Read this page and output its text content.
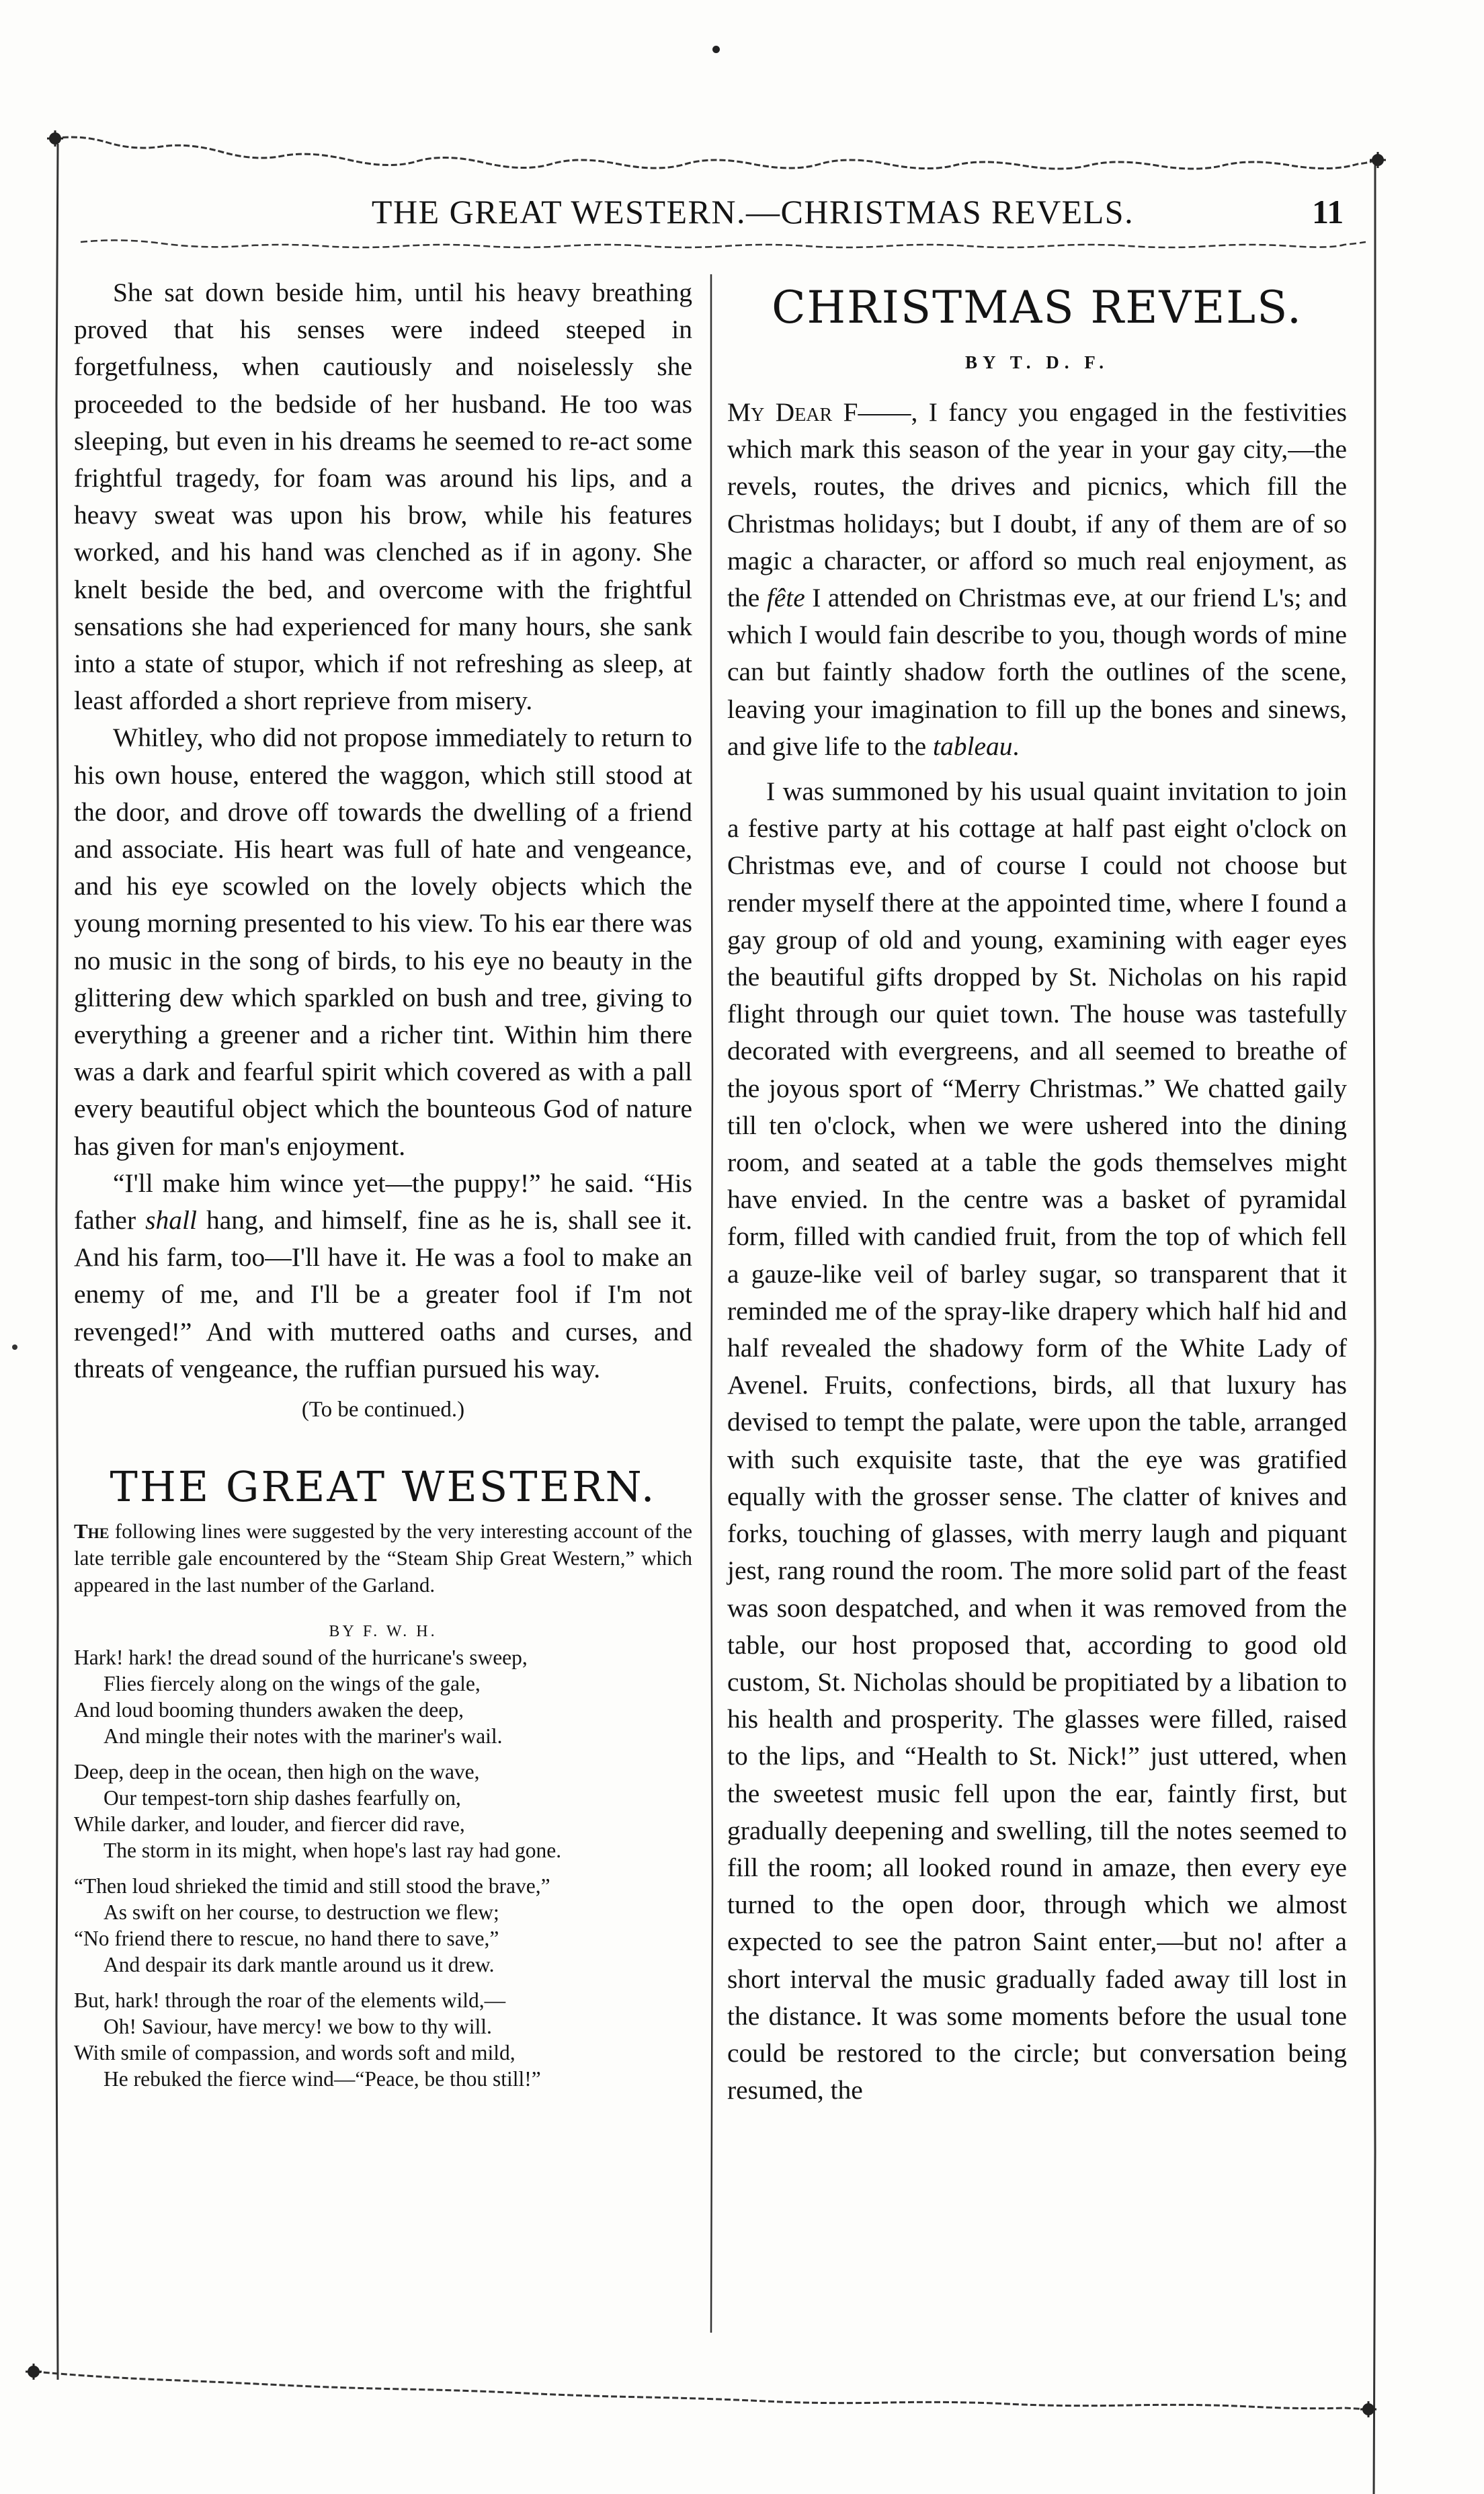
THE GREAT WESTERN.—CHRISTMAS REVELS.	11

She sat down beside him, until his heavy breathing proved that his senses were indeed steeped in forgetfulness, when cautiously and noiselessly she proceeded to the bedside of her husband. He too was sleeping, but even in his dreams he seemed to re-act some frightful tragedy, for foam was around his lips, and a heavy sweat was upon his brow, while his features worked, and his hand was clenched as if in agony. She knelt beside the bed, and overcome with the frightful sensations she had experienced for many hours, she sank into a state of stupor, which if not refreshing as sleep, at least afforded a short reprieve from misery.

Whitley, who did not propose immediately to return to his own house, entered the waggon, which still stood at the door, and drove off towards the dwelling of a friend and associate. His heart was full of hate and vengeance, and his eye scowled on the lovely objects which the young morning presented to his view. To his ear there was no music in the song of birds, to his eye no beauty in the glittering dew which sparkled on bush and tree, giving to everything a greener and a richer tint. Within him there was a dark and fearful spirit which covered as with a pall every beautiful object which the bounteous God of nature has given for man's enjoyment.

“I'll make him wince yet—the puppy!” he said. “His father shall hang, and himself, fine as he is, shall see it. And his farm, too—I'll have it. He was a fool to make an enemy of me, and I'll be a greater fool if I'm not revenged!” And with muttered oaths and curses, and threats of vengeance, the ruffian pursued his way.

(To be continued.)

THE GREAT WESTERN.

The following lines were suggested by the very interesting account of the late terrible gale encountered by the “Steam Ship Great Western,” which appeared in the last number of the Garland.

BY F. W. H.

Hark! hark! the dread sound of the hurricane's sweep,

Flies fiercely along on the wings of the gale,

And loud booming thunders awaken the deep,

And mingle their notes with the mariner's wail.

Deep, deep in the ocean, then high on the wave,

Our tempest-torn ship dashes fearfully on,

While darker, and louder, and fiercer did rave,

The storm in its might, when hope's last ray had gone.

“Then loud shrieked the timid and still stood the brave,”

As swift on her course, to destruction we flew;

“No friend there to rescue, no hand there to save,”

And despair its dark mantle around us it drew.

But, hark! through the roar of the elements wild,—

Oh! Saviour, have mercy! we bow to thy will.

With smile of compassion, and words soft and mild,

He rebuked the fierce wind—“Peace, be thou still!”

CHRISTMAS REVELS.
BY T. D. F.

My Dear F——, I fancy you engaged in the festivities which mark this season of the year in your gay city,—the revels, routes, the drives and picnics, which fill the Christmas holidays; but I doubt, if any of them are of so magic a character, or afford so much real enjoyment, as the fête I attended on Christmas eve, at our friend L's; and which I would fain describe to you, though words of mine can but faintly shadow forth the outlines of the scene, leaving your imagination to fill up the bones and sinews, and give life to the tableau.

I was summoned by his usual quaint invitation to join a festive party at his cottage at half past eight o'clock on Christmas eve, and of course I could not choose but render myself there at the appointed time, where I found a gay group of old and young, examining with eager eyes the beautiful gifts dropped by St. Nicholas on his rapid flight through our quiet town. The house was tastefully decorated with evergreens, and all seemed to breathe of the joyous sport of “Merry Christmas.” We chatted gaily till ten o'clock, when we were ushered into the dining room, and seated at a table the gods themselves might have envied. In the centre was a basket of pyramidal form, filled with candied fruit, from the top of which fell a gauze-like veil of barley sugar, so transparent that it reminded me of the spray-like drapery which half hid and half revealed the shadowy form of the White Lady of Avenel. Fruits, confections, birds, all that luxury has devised to tempt the palate, were upon the table, arranged with such exquisite taste, that the eye was gratified equally with the grosser sense. The clatter of knives and forks, touching of glasses, with merry laugh and piquant jest, rang round the room. The more solid part of the feast was soon despatched, and when it was removed from the table, our host proposed that, according to good old custom, St. Nicholas should be propitiated by a libation to his health and prosperity. The glasses were filled, raised to the lips, and “Health to St. Nick!” just uttered, when the sweetest music fell upon the ear, faintly first, but gradually deepening and swelling, till the notes seemed to fill the room; all looked round in amaze, then every eye turned to the open door, through which we almost expected to see the patron Saint enter,—but no! after a short interval the music gradually faded away till lost in the distance. It was some moments before the usual tone could be restored to the circle; but conversation being resumed, the
